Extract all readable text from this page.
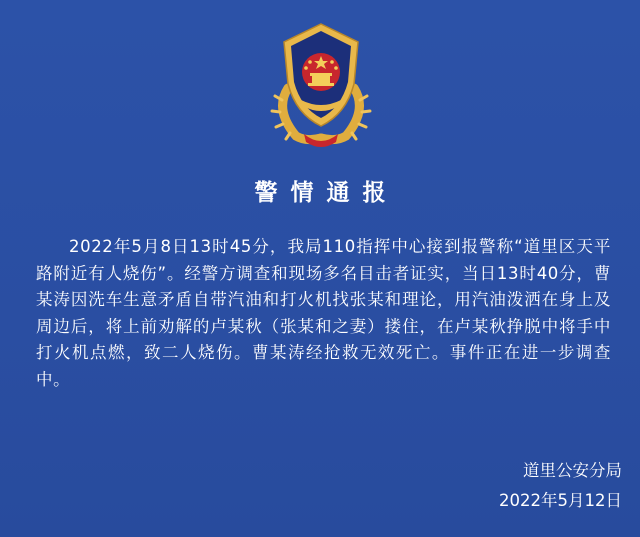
警情通报

2022年5月8日13时45分，我局110指挥中心接到报警称“道里区天平路附近有人烧伤”。经警方调查和现场多名目击者证实，当日13时40分，曹某涛因洗车生意矛盾自带汽油和打火机找张某和理论，用汽油泼洒在身上及周边后，将上前劝解的卢某秋（张某和之妻）搂住，在卢某秋挣脱中将手中打火机点燃，致二人烧伤。曹某涛经抢救无效死亡。事件正在进一步调查中。

道里公安分局
2022年5月12日
